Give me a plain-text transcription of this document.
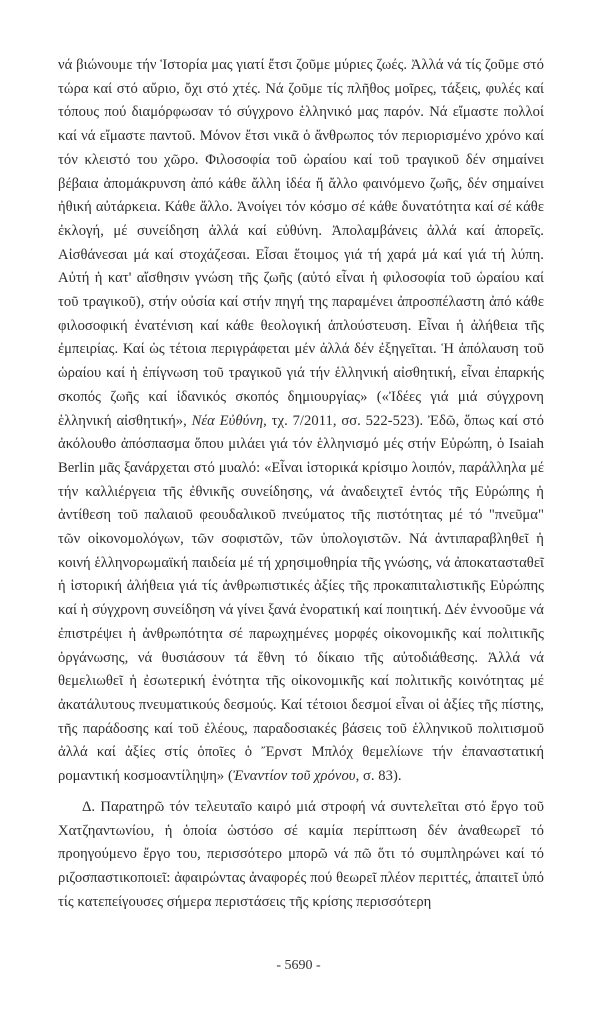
νά βιώνουμε τήν Ἱστορία μας γιατί ἔτσι ζοῦμε μύριες ζωές. Ἀλλά νά τίς ζοῦμε στό τώρα καί στό αὔριο, ὄχι στό χτές. Νά ζοῦμε τίς πλῆθος μοῖρες, τάξεις, φυλές καί τόπους πού διαμόρφωσαν τό σύγχρονο ἑλληνικό μας παρόν. Νά εἴμαστε πολλοί καί νά εἴμαστε παντοῦ. Μόνον ἔτσι νικᾶ ὁ ἄνθρωπος τόν περιορισμένο χρόνο καί τόν κλειστό του χῶρο. Φιλοσοφία τοῦ ὡραίου καί τοῦ τραγικοῦ δέν σημαίνει βέβαια ἀπομάκρυνση ἀπό κάθε ἄλλη ἰδέα ἤ ἄλλο φαινόμενο ζωῆς, δέν σημαίνει ἠθική αὐτάρκεια. Κάθε ἄλλο. Ἀνοίγει τόν κόσμο σέ κάθε δυνατότητα καί σέ κάθε ἐκλογή, μέ συνείδηση ἀλλά καί εὐθύνη. Ἀπολαμβάνεις ἀλλά καί ἀπορεῖς. Αἰσθάνεσαι μά καί στοχάζεσαι. Εἶσαι ἕτοιμος γιά τή χαρά μά καί γιά τή λύπη. Αὐτή ἡ κατ' αἴσθησιν γνώση τῆς ζωῆς (αὐτό εἶναι ἡ φιλοσοφία τοῦ ὡραίου καί τοῦ τραγικοῦ), στήν οὐσία καί στήν πηγή της παραμένει ἀπροσπέλαστη ἀπό κάθε φιλοσοφική ἐνατένιση καί κάθε θεολογική ἁπλούστευση. Εἶναι ἡ ἀλήθεια τῆς ἐμπειρίας. Καί ὡς τέτοια περιγράφεται μέν ἀλλά δέν ἐξηγεῖται. Ἡ ἀπόλαυση τοῦ ὡραίου καί ἡ ἐπίγνωση τοῦ τραγικοῦ γιά τήν ἑλληνική αἰσθητική, εἶναι ἐπαρκής σκοπός ζωῆς καί ἰδανικός σκοπός δημιουργίας» («Ἰδέες γιά μιά σύγχρονη ἑλληνική αἰσθητική», Νέα Εὐθύνη, τχ. 7/2011, σσ. 522-523). Ἐδῶ, ὅπως καί στό ἀκόλουθο ἀπόσπασμα ὅπου μιλάει γιά τόν ἑλληνισμό μές στήν Εὐρώπη, ὁ Isaiah Berlin μᾶς ξανάρχεται στό μυαλό: «Εἶναι ἱστορικά κρίσιμο λοιπόν, παράλληλα μέ τήν καλλιέργεια τῆς ἐθνικῆς συνείδησης, νά ἀναδειχτεῖ ἐντός τῆς Εὐρώπης ἡ ἀντίθεση τοῦ παλαιοῦ φεουδαλικοῦ πνεύματος τῆς πιστότητας μέ τό "πνεῦμα" τῶν οἰκονομολόγων, τῶν σοφιστῶν, τῶν ὑπολογιστῶν. Νά ἀντιπαραβληθεῖ ἡ κοινή ἑλληνορωμαϊκή παιδεία μέ τή χρησιμοθηρία τῆς γνώσης, νά ἀποκατασταθεῖ ἡ ἱστορική ἀλήθεια γιά τίς ἀνθρωπιστικές ἀξίες τῆς προκαπιταλιστικῆς Εὐρώπης καί ἡ σύγχρονη συνείδηση νά γίνει ξανά ἐνορατική καί ποιητική. Δέν ἐννοοῦμε νά ἐπιστρέψει ἡ ἀνθρωπότητα σέ παρωχημένες μορφές οἰκονομικῆς καί πολιτικῆς ὀργάνωσης, νά θυσιάσουν τά ἔθνη τό δίκαιο τῆς αὐτοδιάθεσης. Ἀλλά νά θεμελιωθεῖ ἡ ἐσωτερική ἑνότητα τῆς οἰκονομικῆς καί πολιτικῆς κοινότητας μέ ἀκατάλυτους πνευματικούς δεσμούς. Καί τέτοιοι δεσμοί εἶναι οἱ ἀξίες τῆς πίστης, τῆς παράδοσης καί τοῦ ἐλέους, παραδοσιακές βάσεις τοῦ ἑλληνικοῦ πολιτισμοῦ ἀλλά καί ἀξίες στίς ὁποῖες ὁ Ἔρνστ Μπλόχ θεμελίωνε τήν ἐπαναστατική ρομαντική κοσμοαντίληψη» (Ἐναντίον τοῦ χρόνου, σ. 83).

Δ. Παρατηρῶ τόν τελευταῖο καιρό μιά στροφή νά συντελεῖται στό ἔργο τοῦ Χατζηαντωνίου, ἡ ὁποία ὡστόσο σέ καμία περίπτωση δέν ἀναθεωρεῖ τό προηγούμενο ἔργο του, περισσότερο μπορῶ νά πῶ ὅτι τό συμπληρώνει καί τό ριζοσπαστικοποιεῖ: ἀφαιρώντας ἀναφορές πού θεωρεῖ πλέον περιττές, ἀπαιτεῖ ὑπό τίς κατεπείγουσες σήμερα περιστάσεις τῆς κρίσης περισσότερη

- 5690 -
